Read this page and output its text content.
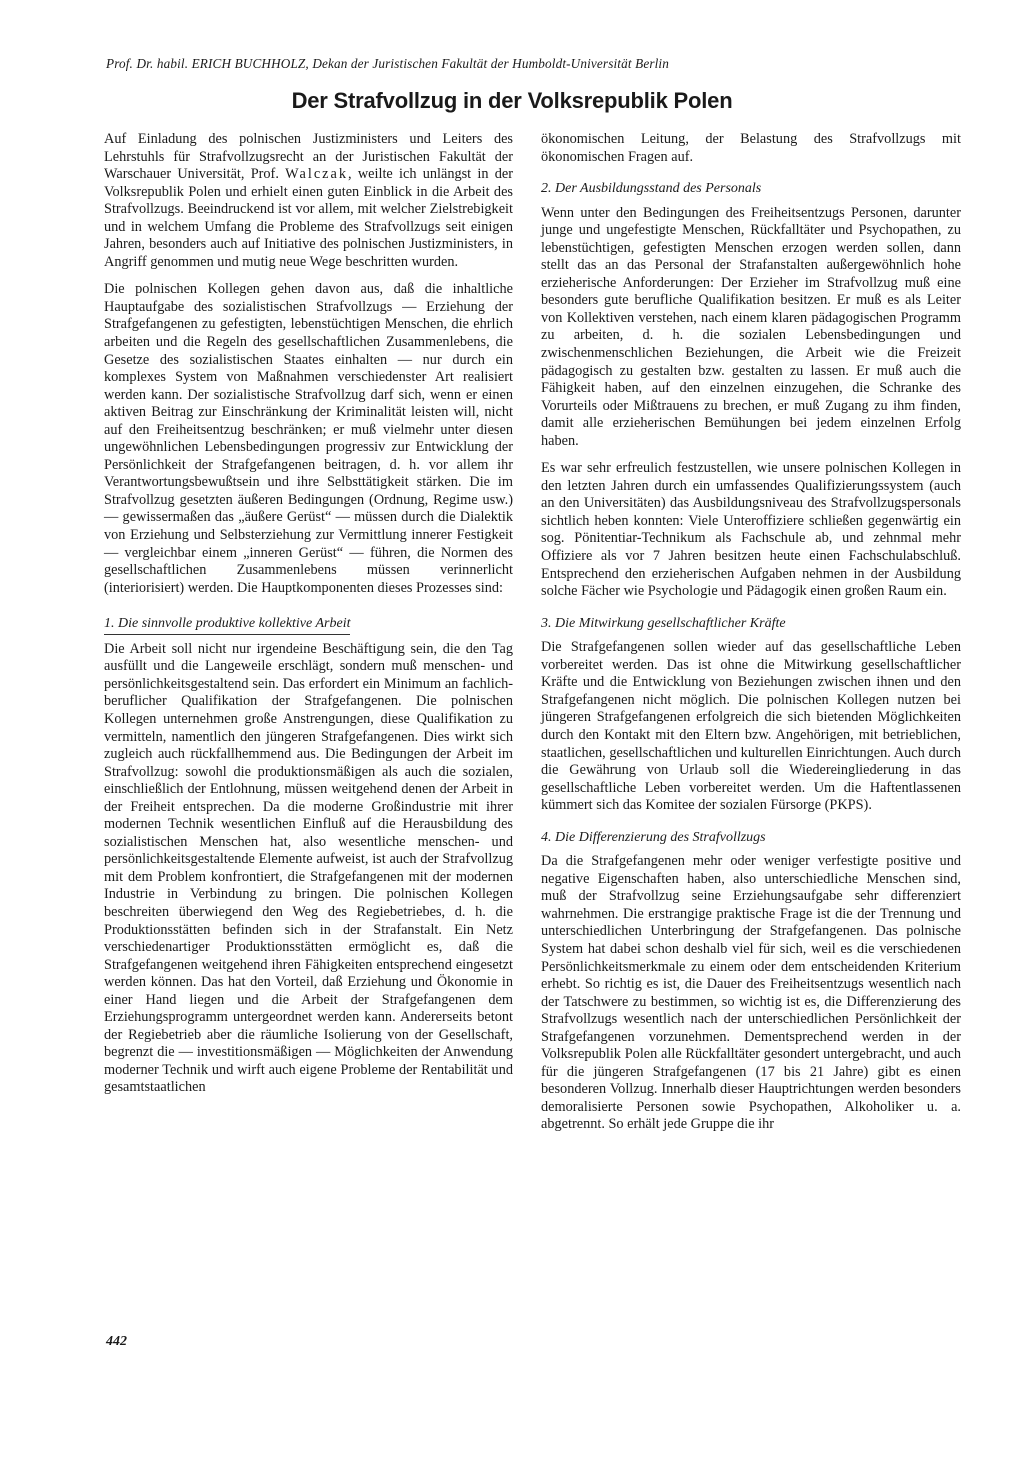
Prof. Dr. habil. ERICH BUCHHOLZ, Dekan der Juristischen Fakultät der Humboldt-Universität Berlin
Der Strafvollzug in der Volksrepublik Polen

Auf Einladung des polnischen Justizministers und Leiters des Lehrstuhls für Strafvollzugsrecht an der Juristischen Fakultät der Warschauer Universität, Prof. Walczak, weilte ich unlängst in der Volksrepublik Polen und erhielt einen guten Einblick in die Arbeit des Strafvollzugs. Beeindruckend ist vor allem, mit welcher Zielstrebigkeit und in welchem Umfang die Probleme des Strafvollzugs seit einigen Jahren, besonders auch auf Initiative des polnischen Justizministers, in Angriff genommen und mutig neue Wege beschritten wurden.

Die polnischen Kollegen gehen davon aus, daß die inhaltliche Hauptaufgabe des sozialistischen Strafvollzugs — Erziehung der Strafgefangenen zu gefestigten, lebenstüchtigen Menschen, die ehrlich arbeiten und die Regeln des gesellschaftlichen Zusammenlebens, die Gesetze des sozialistischen Staates einhalten — nur durch ein komplexes System von Maßnahmen verschiedenster Art realisiert werden kann. Der sozialistische Strafvollzug darf sich, wenn er einen aktiven Beitrag zur Einschränkung der Kriminalität leisten will, nicht auf den Freiheitsentzug beschränken; er muß vielmehr unter diesen ungewöhnlichen Lebensbedingungen progressiv zur Entwicklung der Persönlichkeit der Strafgefangenen beitragen, d. h. vor allem ihr Verantwortungsbewußtsein und ihre Selbsttätigkeit stärken. Die im Strafvollzug gesetzten äußeren Bedingungen (Ordnung, Regime usw.) — gewissermaßen das „äußere Gerüst“ — müssen durch die Dialektik von Erziehung und Selbsterziehung zur Vermittlung innerer Festigkeit — vergleichbar einem „inneren Gerüst“ — führen, die Normen des gesellschaftlichen Zusammenlebens müssen verinnerlicht (interiorisiert) werden. Die Hauptkomponenten dieses Prozesses sind:

1. Die sinnvolle produktive kollektive Arbeit

Die Arbeit soll nicht nur irgendeine Beschäftigung sein, die den Tag ausfüllt und die Langeweile erschlägt, sondern muß menschen- und persönlichkeitsgestaltend sein. Das erfordert ein Minimum an fachlich-beruflicher Qualifikation der Strafgefangenen. Die polnischen Kollegen unternehmen große Anstrengungen, diese Qualifikation zu vermitteln, namentlich den jüngeren Strafgefangenen. Dies wirkt sich zugleich auch rückfallhemmend aus. Die Bedingungen der Arbeit im Strafvollzug: sowohl die produktionsmäßigen als auch die sozialen, einschließlich der Entlohnung, müssen weitgehend denen der Arbeit in der Freiheit entsprechen. Da die moderne Großindustrie mit ihrer modernen Technik wesentlichen Einfluß auf die Herausbildung des sozialistischen Menschen hat, also wesentliche menschen- und persönlichkeitsgestaltende Elemente aufweist, ist auch der Strafvollzug mit dem Problem konfrontiert, die Strafgefangenen mit der modernen Industrie in Verbindung zu bringen. Die polnischen Kollegen beschreiten überwiegend den Weg des Regiebetriebes, d. h. die Produktionsstätten befinden sich in der Strafanstalt. Ein Netz verschiedenartiger Produktionsstätten ermöglicht es, daß die Strafgefangenen weitgehend ihren Fähigkeiten entsprechend eingesetzt werden können. Das hat den Vorteil, daß Erziehung und Ökonomie in einer Hand liegen und die Arbeit der Strafgefangenen dem Erziehungsprogramm untergeordnet werden kann. Andererseits betont der Regiebetrieb aber die räumliche Isolierung von der Gesellschaft, begrenzt die — investitionsmäßigen — Möglichkeiten der Anwendung moderner Technik und wirft auch eigene Probleme der Rentabilität und gesamtstaatlichen

ökonomischen Leitung, der Belastung des Strafvollzugs mit ökonomischen Fragen auf.

2. Der Ausbildungsstand des Personals

Wenn unter den Bedingungen des Freiheitsentzugs Personen, darunter junge und ungefestigte Menschen, Rückfalltäter und Psychopathen, zu lebenstüchtigen, gefestigten Menschen erzogen werden sollen, dann stellt das an das Personal der Strafanstalten außergewöhnlich hohe erzieherische Anforderungen: Der Erzieher im Strafvollzug muß eine besonders gute berufliche Qualifikation besitzen. Er muß es als Leiter von Kollektiven verstehen, nach einem klaren pädagogischen Programm zu arbeiten, d. h. die sozialen Lebensbedingungen und zwischenmenschlichen Beziehungen, die Arbeit wie die Freizeit pädagogisch zu gestalten bzw. gestalten zu lassen. Er muß auch die Fähigkeit haben, auf den einzelnen einzugehen, die Schranke des Vorurteils oder Mißtrauens zu brechen, er muß Zugang zu ihm finden, damit alle erzieherischen Bemühungen bei jedem einzelnen Erfolg haben.

Es war sehr erfreulich festzustellen, wie unsere polnischen Kollegen in den letzten Jahren durch ein umfassendes Qualifizierungssystem (auch an den Universitäten) das Ausbildungsniveau des Strafvollzugspersonals sichtlich heben konnten: Viele Unteroffiziere schließen gegenwärtig ein sog. Pönitentiar-Technikum als Fachschule ab, und zehnmal mehr Offiziere als vor 7 Jahren besitzen heute einen Fachschulabschluß. Entsprechend den erzieherischen Aufgaben nehmen in der Ausbildung solche Fächer wie Psychologie und Pädagogik einen großen Raum ein.

3. Die Mitwirkung gesellschaftlicher Kräfte

Die Strafgefangenen sollen wieder auf das gesellschaftliche Leben vorbereitet werden. Das ist ohne die Mitwirkung gesellschaftlicher Kräfte und die Entwicklung von Beziehungen zwischen ihnen und den Strafgefangenen nicht möglich. Die polnischen Kollegen nutzen bei jüngeren Strafgefangenen erfolgreich die sich bietenden Möglichkeiten durch den Kontakt mit den Eltern bzw. Angehörigen, mit betrieblichen, staatlichen, gesellschaftlichen und kulturellen Einrichtungen. Auch durch die Gewährung von Urlaub soll die Wiedereingliederung in das gesellschaftliche Leben vorbereitet werden. Um die Haftentlassenen kümmert sich das Komitee der sozialen Fürsorge (PKPS).

4. Die Differenzierung des Strafvollzugs

Da die Strafgefangenen mehr oder weniger verfestigte positive und negative Eigenschaften haben, also unterschiedliche Menschen sind, muß der Strafvollzug seine Erziehungsaufgabe sehr differenziert wahrnehmen. Die erstrangige praktische Frage ist die der Trennung und unterschiedlichen Unterbringung der Strafgefangenen. Das polnische System hat dabei schon deshalb viel für sich, weil es die verschiedenen Persönlichkeitsmerkmale zu einem oder dem entscheidenden Kriterium erhebt. So richtig es ist, die Dauer des Freiheitsentzugs wesentlich nach der Tatschwere zu bestimmen, so wichtig ist es, die Differenzierung des Strafvollzugs wesentlich nach der unterschiedlichen Persönlichkeit der Strafgefangenen vorzunehmen. Dementsprechend werden in der Volksrepublik Polen alle Rückfalltäter gesondert untergebracht, und auch für die jüngeren Strafgefangenen (17 bis 21 Jahre) gibt es einen besonderen Vollzug. Innerhalb dieser Hauptrichtungen werden besonders demoralisierte Personen sowie Psychopathen, Alkoholiker u. a. abgetrennt. So erhält jede Gruppe die ihr

442
